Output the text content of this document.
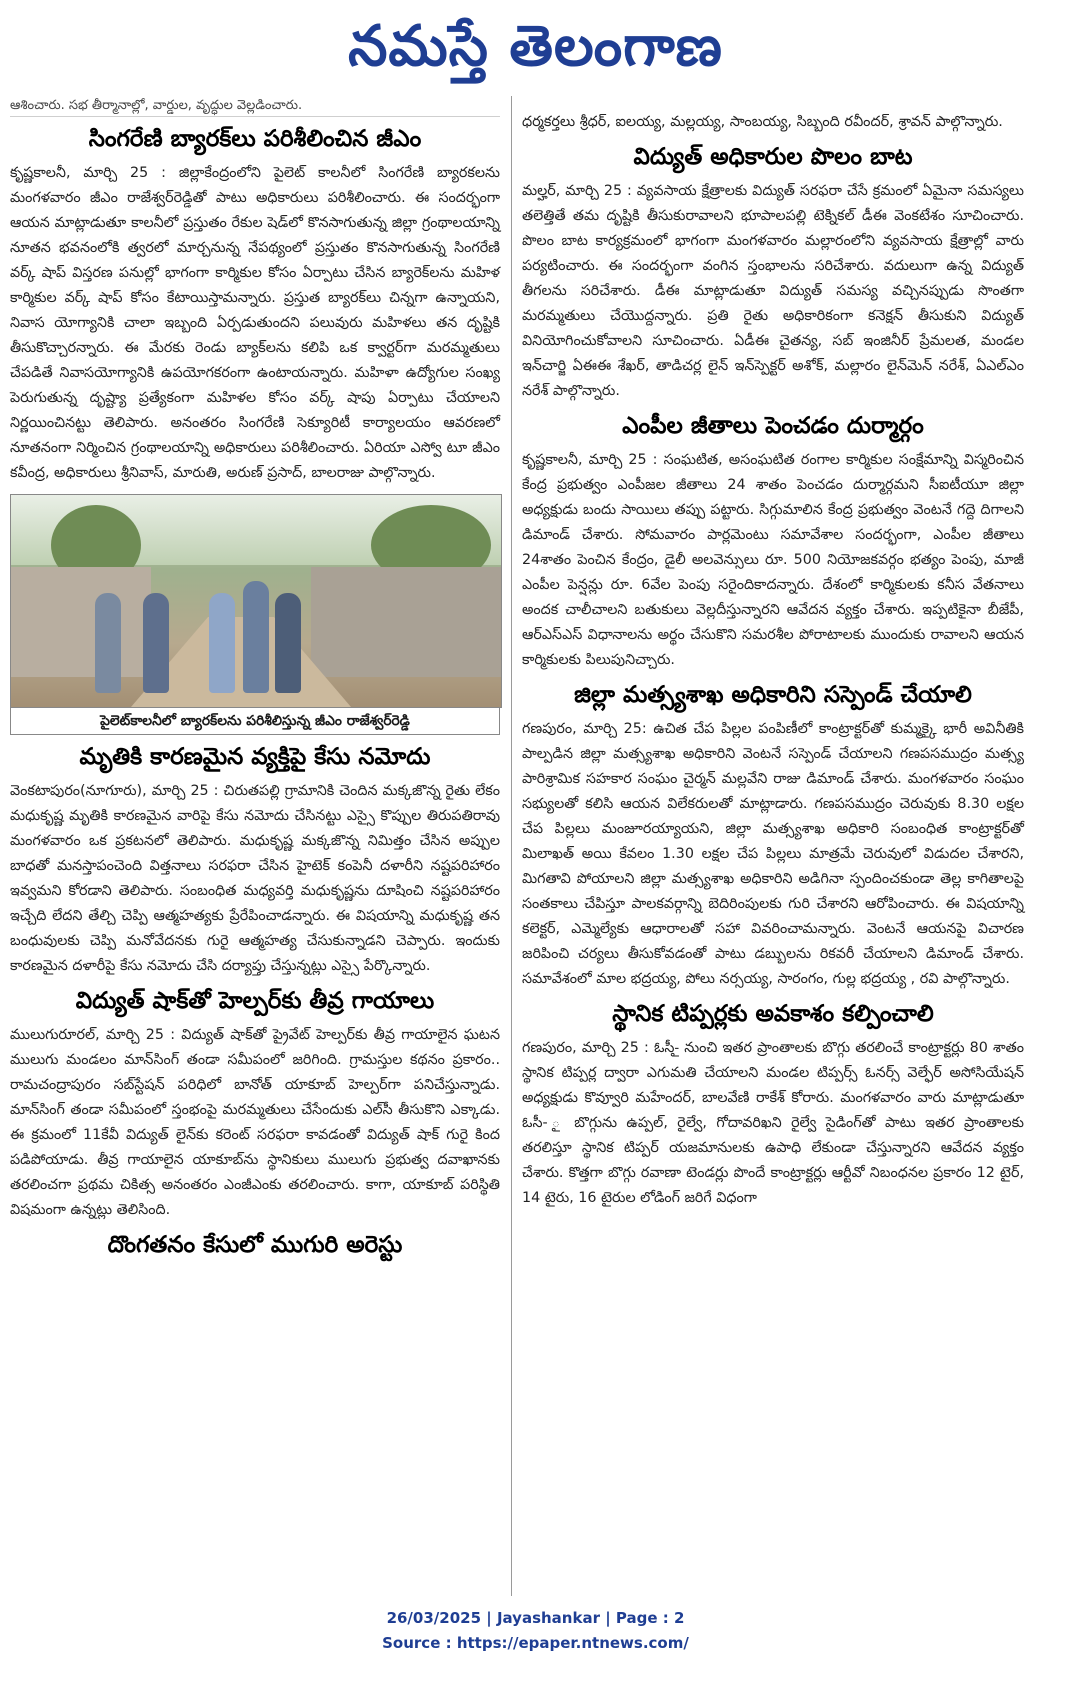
నమస్తే తెలంగాణ
ఆశించారు. సభ తీర్మానాల్లో, వార్డుల, వృద్ధుల వెల్లడించారు.
సింగరేణి బ్యారక్‌లు పరిశీలించిన జీఎం

కృష్ణకాలనీ, మార్చి 25 : జిల్లాకేంద్రంలోని పైలెట్ కాలనీలో సింగరేణి బ్యారకలను మంగళవారం జీఎం రాజేశ్వర్‌రెడ్డితో పాటు అధికారులు పరిశీలించారు. ఈ సందర్భంగా ఆయన మాట్లాడుతూ కాలనీలో ప్రస్తుతం రేకుల షెడ్‌లో కొనసాగుతున్న జిల్లా గ్రంథాలయాన్ని నూతన భవనంలోకి త్వరలో మార్చనున్న నేపథ్యంలో ప్రస్తుతం కొనసాగుతున్న సింగరేణి వర్క్ షాప్ విస్తరణ పనుల్లో భాగంగా కార్మికుల కోసం ఏర్పాటు చేసిన బ్యారెక్‌లను మహిళ కార్మికుల వర్క్ షాప్ కోసం కేటాయిస్తామన్నారు. ప్రస్తుత బ్యారక్‌లు చిన్నగా ఉన్నాయని, నివాస యోగ్యానికి చాలా ఇబ్బంది ఏర్పడుతుందని పలువురు మహిళలు తన దృష్టికి తీసుకొచ్చారన్నారు. ఈ మేరకు రెండు బ్యాక్‌లను కలిపి ఒక క్వార్టర్‌గా మరమ్మతులు చేపడితే నివాసయోగ్యానికి ఉపయోగకరంగా ఉంటాయన్నారు. మహిళా ఉద్యోగుల సంఖ్య పెరుగుతున్న దృష్ట్యా ప్రత్యేకంగా మహిళల కోసం వర్క్ షాపు ఏర్పాటు చేయాలని నిర్ణయించినట్టు తెలిపారు. అనంతరం సింగరేణి సెక్యూరిటీ కార్యాలయం ఆవరణలో నూతనంగా నిర్మించిన గ్రంథాలయాన్ని అధికారులు పరిశీలించారు. ఏరియా ఎస్వో టూ జీఎం కవీంద్ర, అధికారులు శ్రీనివాస్, మారుతి, అరుణ్ ప్రసాద్, బాలరాజు పాల్గొన్నారు.

పైలెట్‌కాలనీలో బ్యారక్‌లను పరిశీలిస్తున్న జీఎం రాజేశ్వర్‌రెడ్డి
మృతికి కారణమైన వ్యక్తిపై కేసు నమోదు

వెంకటాపురం(నూగూరు), మార్చి 25 : చిరుతపల్లి గ్రామానికి చెందిన మక్కజొన్న రైతు లేకం మధుకృష్ణ మృతికి కారణమైన వారిపై కేసు నమోదు చేసినట్టు ఎస్సై కొప్పుల తిరుపతిరావు మంగళవారం ఒక ప్రకటనలో తెలిపారు. మధుకృష్ణ మక్కజొన్న నిమిత్తం చేసిన అప్పుల బాధతో మనస్తాపంచెంది విత్తనాలు సరఫరా చేసిన హైటెక్ కంపెనీ దళారీని నష్టపరిహారం ఇవ్వమని కోరడాని తెలిపారు. సంబంధిత మధ్యవర్తి మధుకృష్ణను దూషించి నష్టపరిహారం ఇచ్చేది లేదని తేల్చి చెప్పి ఆత్మహత్యకు ప్రేరేపించాడన్నారు. ఈ విషయాన్ని మధుకృష్ణ తన బంధువులకు చెప్పి మనోవేదనకు గురై ఆత్మహత్య చేసుకున్నాడని చెప్పారు. ఇందుకు కారణమైన దళారీపై కేసు నమోదు చేసి దర్యాప్తు చేస్తున్నట్లు ఎస్సై పేర్కొన్నారు.

విద్యుత్ షాక్‌తో హెల్పర్‌కు తీవ్ర గాయాలు

ములుగురూరల్, మార్చి 25 : విద్యుత్ షాక్‌తో ప్రైవేట్ హెల్పర్‌కు తీవ్ర గాయాలైన ఘటన ములుగు మండలం మాన్‌సింగ్ తండా సమీపంలో జరిగింది. గ్రామస్తుల కథనం ప్రకారం.. రామచంద్రాపురం సబ్‌స్టేషన్ పరిధిలో బానోత్ యాకూబ్ హెల్పర్‌గా పనిచేస్తున్నాడు. మాన్‌సింగ్ తండా సమీపంలో స్తంభంపై మరమ్మతులు చేసేందుకు ఎల్‌సీ తీసుకొని ఎక్కాడు. ఈ క్రమంలో 11కేవీ విద్యుత్ లైన్‌కు కరెంట్ సరఫరా కావడంతో విద్యుత్ షాక్ గురై కింద పడిపోయాడు. తీవ్ర గాయాలైన యాకూబ్‌ను స్థానికులు ములుగు ప్రభుత్వ దవాఖానకు తరలించగా ప్రథమ చికిత్స అనంతరం ఎంజీఎంకు తరలించారు. కాగా, యాకూబ్ పరిస్థితి విషమంగా ఉన్నట్లు తెలిసింది.

దొంగతనం కేసులో ముగురి అరెస్టు

ధర్మకర్తలు శ్రీధర్, ఐలయ్య, మల్లయ్య, సాంబయ్య, సిబ్బంది రవీందర్, శ్రావన్ పాల్గొన్నారు.

విద్యుత్ అధికారుల పొలం బాట

మల్హర్, మార్చి 25 : వ్యవసాయ క్షేత్రాలకు విద్యుత్ సరఫరా చేసే క్రమంలో ఏమైనా సమస్యలు తలెత్తితే తమ దృష్టికి తీసుకురావాలని భూపాలపల్లి టెక్నికల్ డీఈ వెంకటేశం సూచించారు. పొలం బాట కార్యక్రమంలో భాగంగా మంగళవారం మల్లారంలోని వ్యవసాయ క్షేత్రాల్లో వారు పర్యటించారు. ఈ సందర్భంగా వంగిన స్తంభాలను సరిచేశారు. వదులుగా ఉన్న విద్యుత్ తీగలను సరిచేశారు. డీఈ మాట్లాడుతూ విద్యుత్ సమస్య వచ్చినప్పుడు సొంతగా మరమ్మతులు చేయొద్దన్నారు. ప్రతి రైతు అధికారికంగా కనెక్షన్ తీసుకుని విద్యుత్ వినియోగించుకోవాలని సూచించారు. ఏడీఈ చైతన్య, సబ్ ఇంజినీర్ ప్రేమలత, మండల ఇన్‌చార్జి ఏఈఈ శేఖర్, తాడిచర్ల లైన్ ఇన్‌స్పెక్టర్ అశోక్, మల్లారం లైన్‌మెన్ నరేశ్, ఏఎల్ఎం నరేశ్ పాల్గొన్నారు.

ఎంపీల జీతాలు పెంచడం దుర్మార్గం

కృష్ణకాలనీ, మార్చి 25 : సంఘటిత, అసంఘటిత రంగాల కార్మికుల సంక్షేమాన్ని విస్మరించిన కేంద్ర ప్రభుత్వం ఎంపీజల జీతాలు 24 శాతం పెంచడం దుర్మార్గమని సీఐటీయూ జిల్లా అధ్యక్షుడు బందు సాయిలు తప్పు పట్టారు. సిగ్గుమాలిన కేంద్ర ప్రభుత్వం వెంటనే గద్దె దిగాలని డిమాండ్ చేశారు. సోమవారం పార్లమెంటు సమావేశాల సందర్భంగా, ఎంపీల జీతాలు 24శాతం పెంచిన కేంద్రం, డైలీ అలవెన్సులు రూ. 500 నియోజకవర్గం భత్యం పెంపు, మాజీ ఎంపీల పెన్షన్లు రూ. 6వేల పెంపు సరైందికాదన్నారు. దేశంలో కార్మికులకు కనీస వేతనాలు అందక చాలీచాలని బతుకులు వెల్లదీస్తున్నారని ఆవేదన వ్యక్తం చేశారు. ఇప్పటికైనా బీజేపీ, ఆర్‌ఎస్‌ఎస్ విధానాలను అర్థం చేసుకొని సమరశీల పోరాటాలకు ముందుకు రావాలని ఆయన కార్మికులకు పిలుపునిచ్చారు.

జిల్లా మత్స్యశాఖ అధికారిని సస్పెండ్ చేయాలి

గణపురం, మార్చి 25: ఉచిత చేప పిల్లల పంపిణీలో కాంట్రాక్టర్‌తో కుమ్మక్కై భారీ అవినీతికి పాల్పడిన జిల్లా మత్స్యశాఖ అధికారిని వెంటనే సస్పెండ్ చేయాలని గణపసముద్రం మత్స్య పారిశ్రామిక సహకార సంఘం చైర్మన్ మల్లవేని రాజు డిమాండ్ చేశారు. మంగళవారం సంఘం సభ్యులతో కలిసి ఆయన విలేకరులతో మాట్లాడారు. గణపసముద్రం చెరువుకు 8.30 లక్షల చేప పిల్లలు మంజూరయ్యాయని, జిల్లా మత్స్యశాఖ అధికారి సంబంధిత కాంట్రాక్టర్‌తో మిలాఖత్ అయి కేవలం 1.30 లక్షల చేప పిల్లలు మాత్రమే చెరువులో విడుదల చేశారని, మిగతావి పోయాలని జిల్లా మత్స్యశాఖ అధికారిని అడిగినా స్పందించకుండా తెల్ల కాగితాలపై సంతకాలు చేపిస్తూ పాలకవర్గాన్ని బెదిరింపులకు గురి చేశారని ఆరోపించారు. ఈ విషయాన్ని కలెక్టర్, ఎమ్మెల్యేకు ఆధారాలతో సహా వివరించామన్నారు. వెంటనే ఆయనపై విచారణ జరిపించి చర్యలు తీసుకోవడంతో పాటు డబ్బులను రికవరీ చేయాలని డిమాండ్ చేశారు. సమావేశంలో మాల భద్రయ్య, పోలు నర్సయ్య, సారంగం, గుల్ల భద్రయ్య , రవి పాల్గొన్నారు.

స్థానిక టిప్పర్లకు అవకాశం కల్పించాలి

గణపురం, మార్చి 25 : ఓసీ-ౖ నుంచి ఇతర ప్రాంతాలకు బొగ్గు తరలించే కాంట్రాక్టర్లు 80 శాతం స్థానిక టిప్పర్ల ద్వారా ఎగుమతి చేయాలని మండల టిప్పర్స్ ఓనర్స్ వెల్ఫేర్ అసోసియేషన్ అధ్యక్షుడు కొవ్వూరి మహేందర్, బాలవేణి రాకేశ్ కోరారు. మంగళవారం వారు మాట్లాడుతూ ఓసీ- ౖ బొగ్గును ఉప్పల్, రైల్వే, గోదావరిఖని రైల్వే సైడింగ్‌తో పాటు ఇతర ప్రాంతాలకు తరలిస్తూ స్థానిక టిప్పర్ యజమానులకు ఉపాధి లేకుండా చేస్తున్నారని ఆవేదన వ్యక్తం చేశారు. కొత్తగా బొగ్గు రవాణా టెండర్లు పొందే కాంట్రాక్టర్లు ఆర్టీవో నిబంధనల ప్రకారం 12 టైర్, 14 టైరు, 16 టైరుల లోడింగ్ జరిగే విధంగా

26/03/2025 | Jayashankar | Page : 2
Source : https://epaper.ntnews.com/
